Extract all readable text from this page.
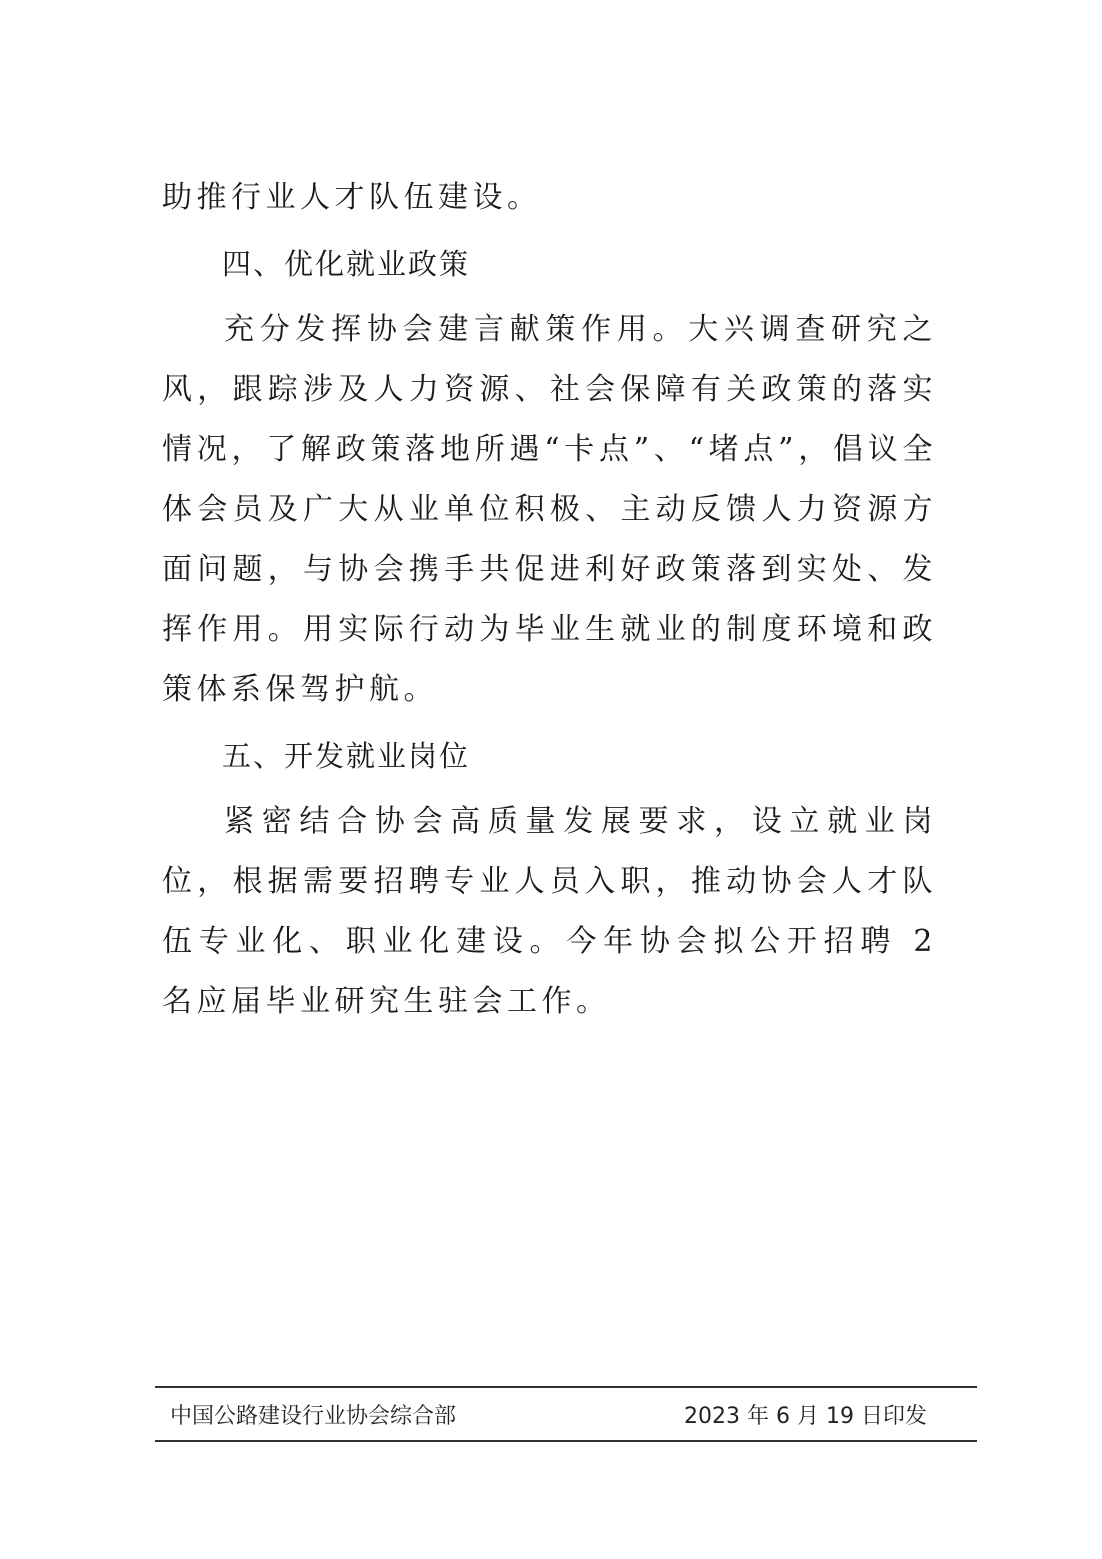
助推行业人才队伍建设。

四、优化就业政策

充分发挥协会建言献策作用。大兴调查研究之风，跟踪涉及人力资源、社会保障有关政策的落实情况，了解政策落地所遇“卡点”、“堵点”，倡议全体会员及广大从业单位积极、主动反馈人力资源方面问题，与协会携手共促进利好政策落到实处、发挥作用。用实际行动为毕业生就业的制度环境和政策体系保驾护航。

五、开发就业岗位

紧密结合协会高质量发展要求，设立就业岗位，根据需要招聘专业人员入职，推动协会人才队伍专业化、职业化建设。今年协会拟公开招聘 2 名应届毕业研究生驻会工作。

中国公路建设行业协会综合部	2023 年 6 月 19 日印发
